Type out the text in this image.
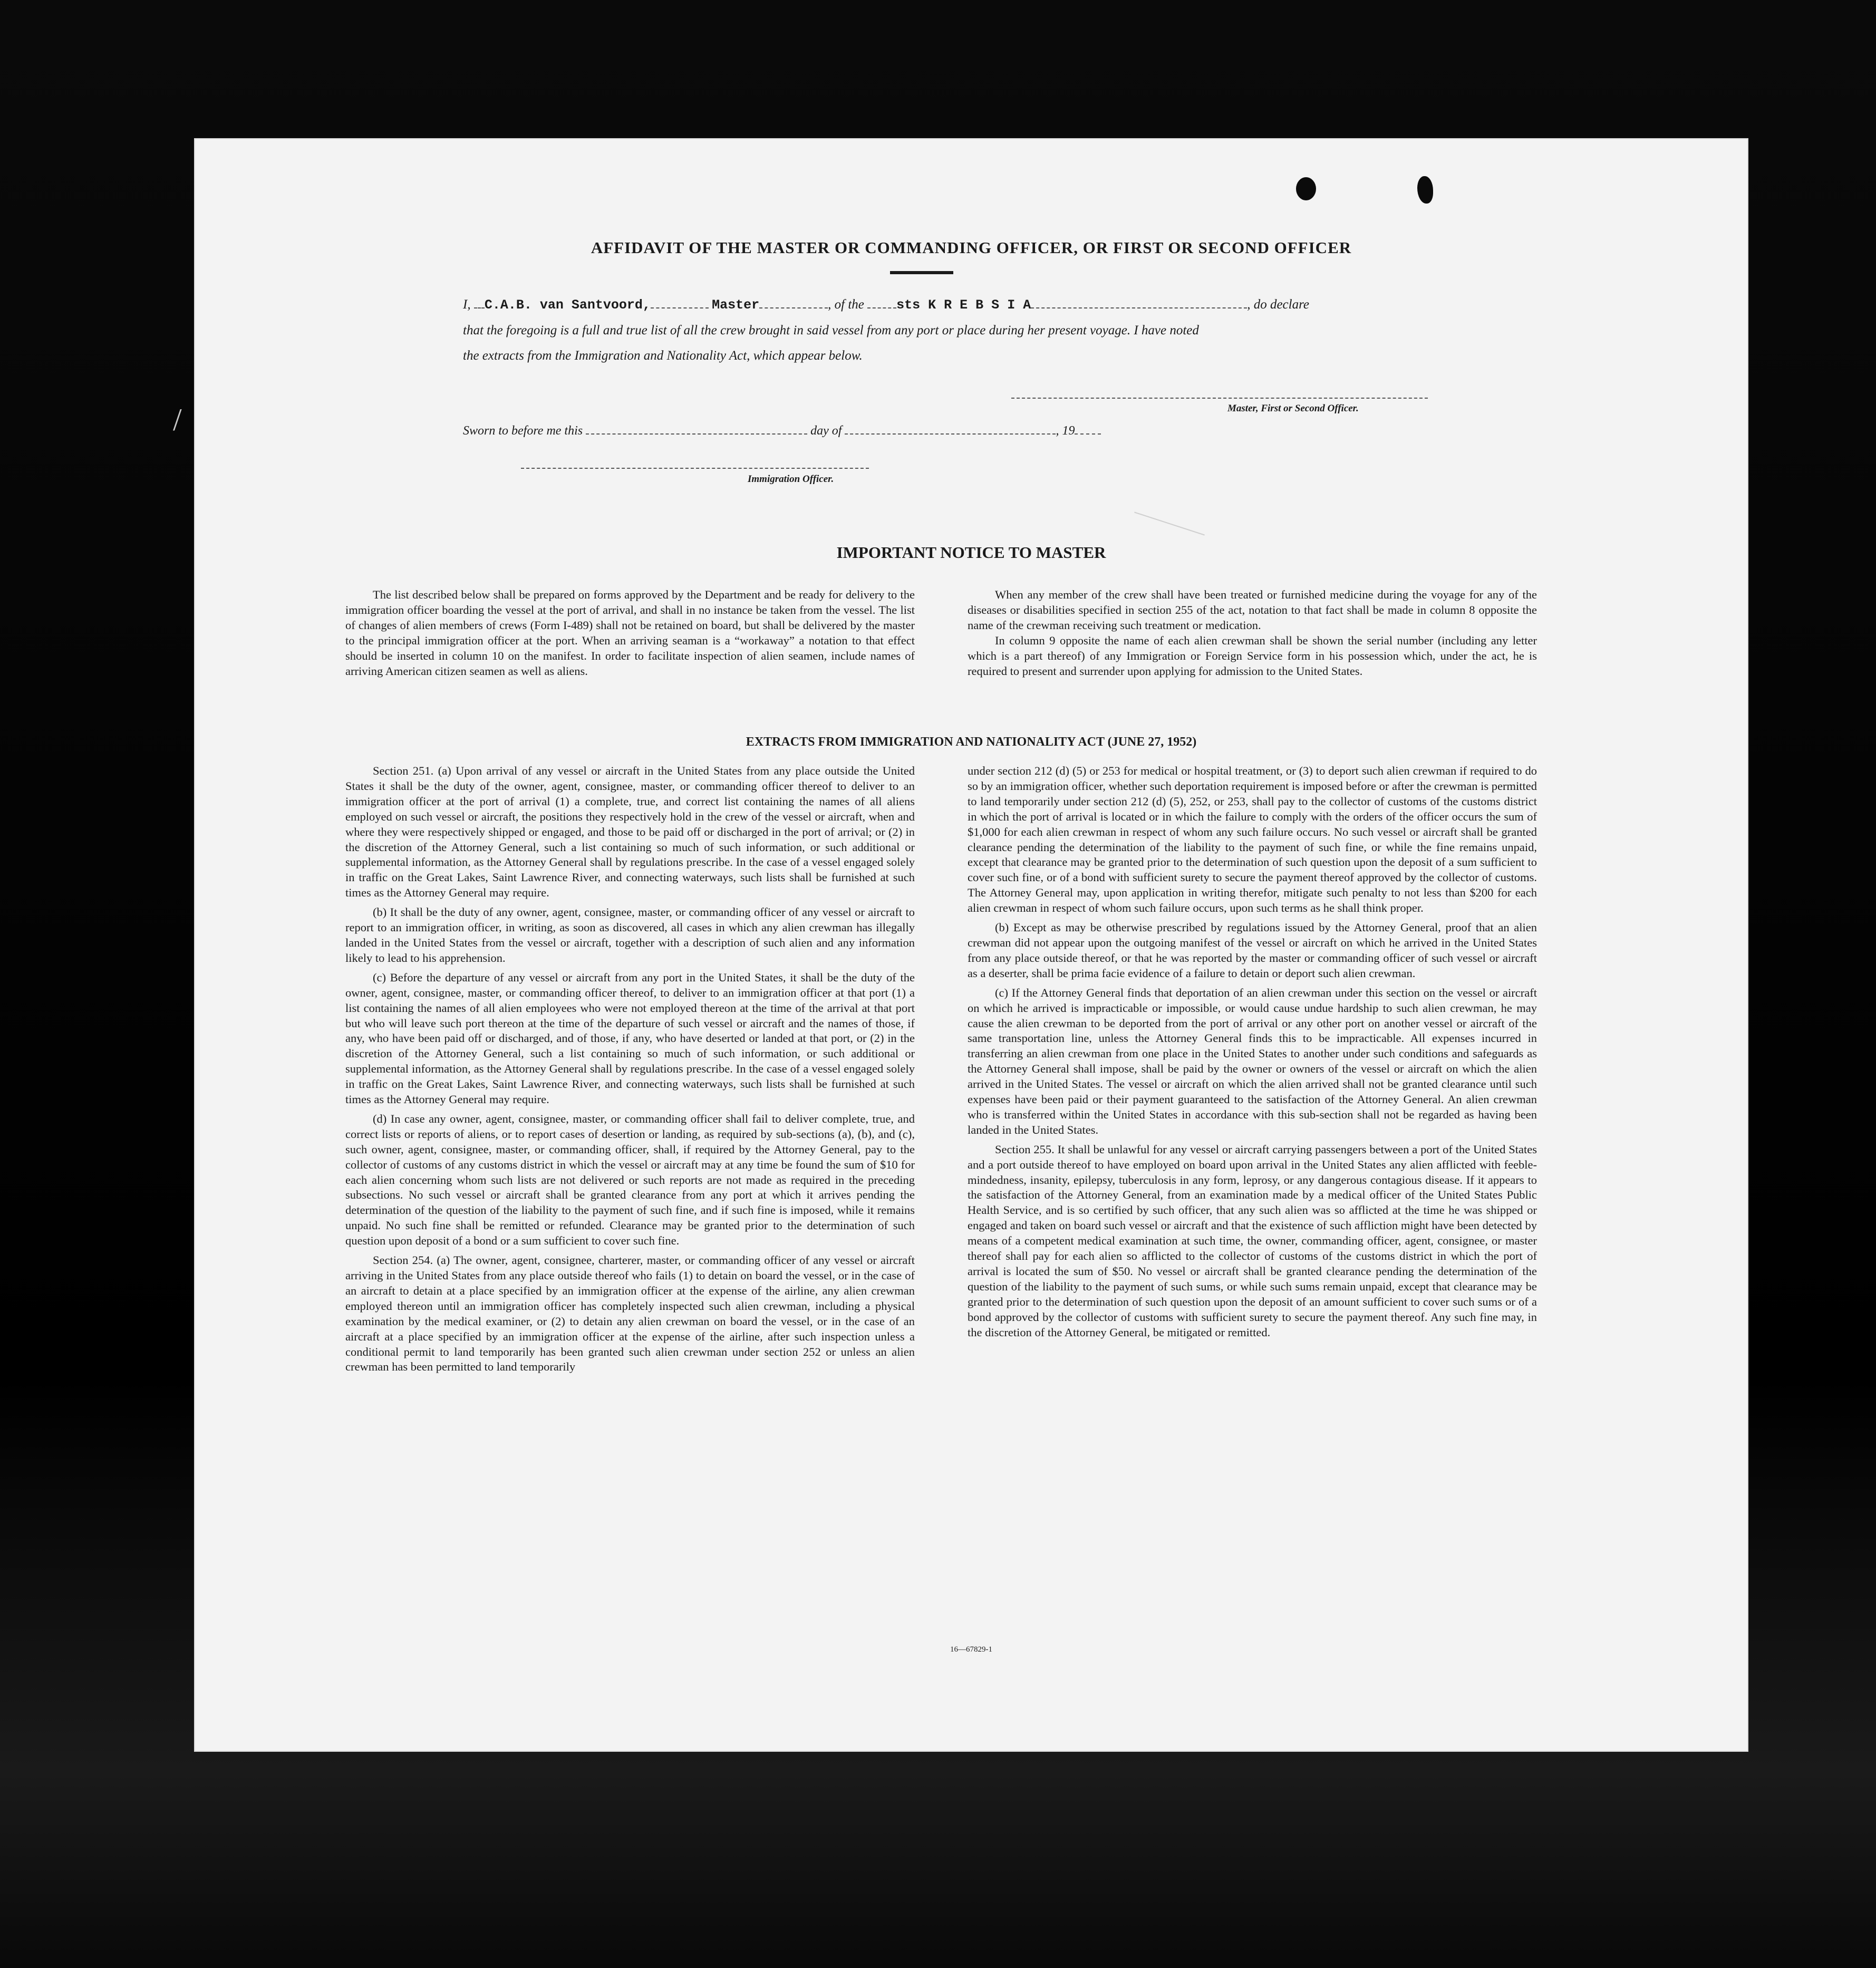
/
AFFIDAVIT OF THE MASTER OR COMMANDING OFFICER, OR FIRST OR SECOND OFFICER
I, C.A.B. van Santvoord,	Master	, of the sts K R E B S I A	, do declare
that the foregoing is a full and true list of all the crew brought in said vessel from any port or place during her present voyage. I have noted
the extracts from the Immigration and Nationality Act, which appear below.
Master, First or Second Officer.
Sworn to before me this	day of	, 19
Immigration Officer.
IMPORTANT NOTICE TO MASTER

The list described below shall be prepared on forms approved by the Department and be ready for delivery to the immigration officer boarding the vessel at the port of arrival, and shall in no instance be taken from the vessel. The list of changes of alien members of crews (Form I-489) shall not be retained on board, but shall be delivered by the master to the principal immigration officer at the port. When an arriving seaman is a “workaway” a notation to that effect should be inserted in column 10 on the manifest. In order to facilitate inspection of alien seamen, include names of arriving American citizen seamen as well as aliens.

When any member of the crew shall have been treated or furnished medicine during the voyage for any of the diseases or disabilities specified in section 255 of the act, notation to that fact shall be made in column 8 opposite the name of the crewman receiving such treatment or medication.

In column 9 opposite the name of each alien crewman shall be shown the serial number (including any letter which is a part thereof) of any Immigration or Foreign Service form in his possession which, under the act, he is required to present and surrender upon applying for admission to the United States.

EXTRACTS FROM IMMIGRATION AND NATIONALITY ACT (JUNE 27, 1952)

Section 251. (a) Upon arrival of any vessel or aircraft in the United States from any place outside the United States it shall be the duty of the owner, agent, consignee, master, or commanding officer thereof to deliver to an immigration officer at the port of arrival (1) a complete, true, and correct list containing the names of all aliens employed on such vessel or aircraft, the positions they respectively hold in the crew of the vessel or aircraft, when and where they were respectively shipped or engaged, and those to be paid off or discharged in the port of arrival; or (2) in the discretion of the Attorney General, such a list containing so much of such information, or such additional or supplemental information, as the Attorney General shall by regulations prescribe. In the case of a vessel engaged solely in traffic on the Great Lakes, Saint Lawrence River, and connecting waterways, such lists shall be furnished at such times as the Attorney General may require.

(b) It shall be the duty of any owner, agent, consignee, master, or commanding officer of any vessel or aircraft to report to an immigration officer, in writing, as soon as discovered, all cases in which any alien crewman has illegally landed in the United States from the vessel or aircraft, together with a description of such alien and any information likely to lead to his apprehension.

(c) Before the departure of any vessel or aircraft from any port in the United States, it shall be the duty of the owner, agent, consignee, master, or commanding officer thereof, to deliver to an immigration officer at that port (1) a list containing the names of all alien employees who were not employed thereon at the time of the arrival at that port but who will leave such port thereon at the time of the departure of such vessel or aircraft and the names of those, if any, who have been paid off or discharged, and of those, if any, who have deserted or landed at that port, or (2) in the discretion of the Attorney General, such a list containing so much of such information, or such additional or supplemental information, as the Attorney General shall by regulations prescribe. In the case of a vessel engaged solely in traffic on the Great Lakes, Saint Lawrence River, and connecting waterways, such lists shall be furnished at such times as the Attorney General may require.

(d) In case any owner, agent, consignee, master, or commanding officer shall fail to deliver complete, true, and correct lists or reports of aliens, or to report cases of desertion or landing, as required by sub-sections (a), (b), and (c), such owner, agent, consignee, master, or commanding officer, shall, if required by the Attorney General, pay to the collector of customs of any customs district in which the vessel or aircraft may at any time be found the sum of $10 for each alien concerning whom such lists are not delivered or such reports are not made as required in the preceding subsections. No such vessel or aircraft shall be granted clearance from any port at which it arrives pending the determination of the question of the liability to the payment of such fine, and if such fine is imposed, while it remains unpaid. No such fine shall be remitted or refunded. Clearance may be granted prior to the determination of such question upon deposit of a bond or a sum sufficient to cover such fine.

Section 254. (a) The owner, agent, consignee, charterer, master, or commanding officer of any vessel or aircraft arriving in the United States from any place outside thereof who fails (1) to detain on board the vessel, or in the case of an aircraft to detain at a place specified by an immigration officer at the expense of the airline, any alien crewman employed thereon until an immigration officer has completely inspected such alien crewman, including a physical examination by the medical examiner, or (2) to detain any alien crewman on board the vessel, or in the case of an aircraft at a place specified by an immigration officer at the expense of the airline, after such inspection unless a conditional permit to land temporarily has been granted such alien crewman under section 252 or unless an alien crewman has been permitted to land temporarily

under section 212 (d) (5) or 253 for medical or hospital treatment, or (3) to deport such alien crewman if required to do so by an immigration officer, whether such deportation requirement is imposed before or after the crewman is permitted to land temporarily under section 212 (d) (5), 252, or 253, shall pay to the collector of customs of the customs district in which the port of arrival is located or in which the failure to comply with the orders of the officer occurs the sum of $1,000 for each alien crewman in respect of whom any such failure occurs. No such vessel or aircraft shall be granted clearance pending the determination of the liability to the payment of such fine, or while the fine remains unpaid, except that clearance may be granted prior to the determination of such question upon the deposit of a sum sufficient to cover such fine, or of a bond with sufficient surety to secure the payment thereof approved by the collector of customs. The Attorney General may, upon application in writing therefor, mitigate such penalty to not less than $200 for each alien crewman in respect of whom such failure occurs, upon such terms as he shall think proper.

(b) Except as may be otherwise prescribed by regulations issued by the Attorney General, proof that an alien crewman did not appear upon the outgoing manifest of the vessel or aircraft on which he arrived in the United States from any place outside thereof, or that he was reported by the master or commanding officer of such vessel or aircraft as a deserter, shall be prima facie evidence of a failure to detain or deport such alien crewman.

(c) If the Attorney General finds that deportation of an alien crewman under this section on the vessel or aircraft on which he arrived is impracticable or impossible, or would cause undue hardship to such alien crewman, he may cause the alien crewman to be deported from the port of arrival or any other port on another vessel or aircraft of the same transportation line, unless the Attorney General finds this to be impracticable. All expenses incurred in transferring an alien crewman from one place in the United States to another under such conditions and safeguards as the Attorney General shall impose, shall be paid by the owner or owners of the vessel or aircraft on which the alien arrived in the United States. The vessel or aircraft on which the alien arrived shall not be granted clearance until such expenses have been paid or their payment guaranteed to the satisfaction of the Attorney General. An alien crewman who is transferred within the United States in accordance with this sub-section shall not be regarded as having been landed in the United States.

Section 255. It shall be unlawful for any vessel or aircraft carrying passengers between a port of the United States and a port outside thereof to have employed on board upon arrival in the United States any alien afflicted with feeble-mindedness, insanity, epilepsy, tuberculosis in any form, leprosy, or any dangerous contagious disease. If it appears to the satisfaction of the Attorney General, from an examination made by a medical officer of the United States Public Health Service, and is so certified by such officer, that any such alien was so afflicted at the time he was shipped or engaged and taken on board such vessel or aircraft and that the existence of such affliction might have been detected by means of a competent medical examination at such time, the owner, commanding officer, agent, consignee, or master thereof shall pay for each alien so afflicted to the collector of customs of the customs district in which the port of arrival is located the sum of $50. No vessel or aircraft shall be granted clearance pending the determination of the question of the liability to the payment of such sums, or while such sums remain unpaid, except that clearance may be granted prior to the determination of such question upon the deposit of an amount sufficient to cover such sums or of a bond approved by the collector of customs with sufficient surety to secure the payment thereof. Any such fine may, in the discretion of the Attorney General, be mitigated or remitted.

16—67829-1
